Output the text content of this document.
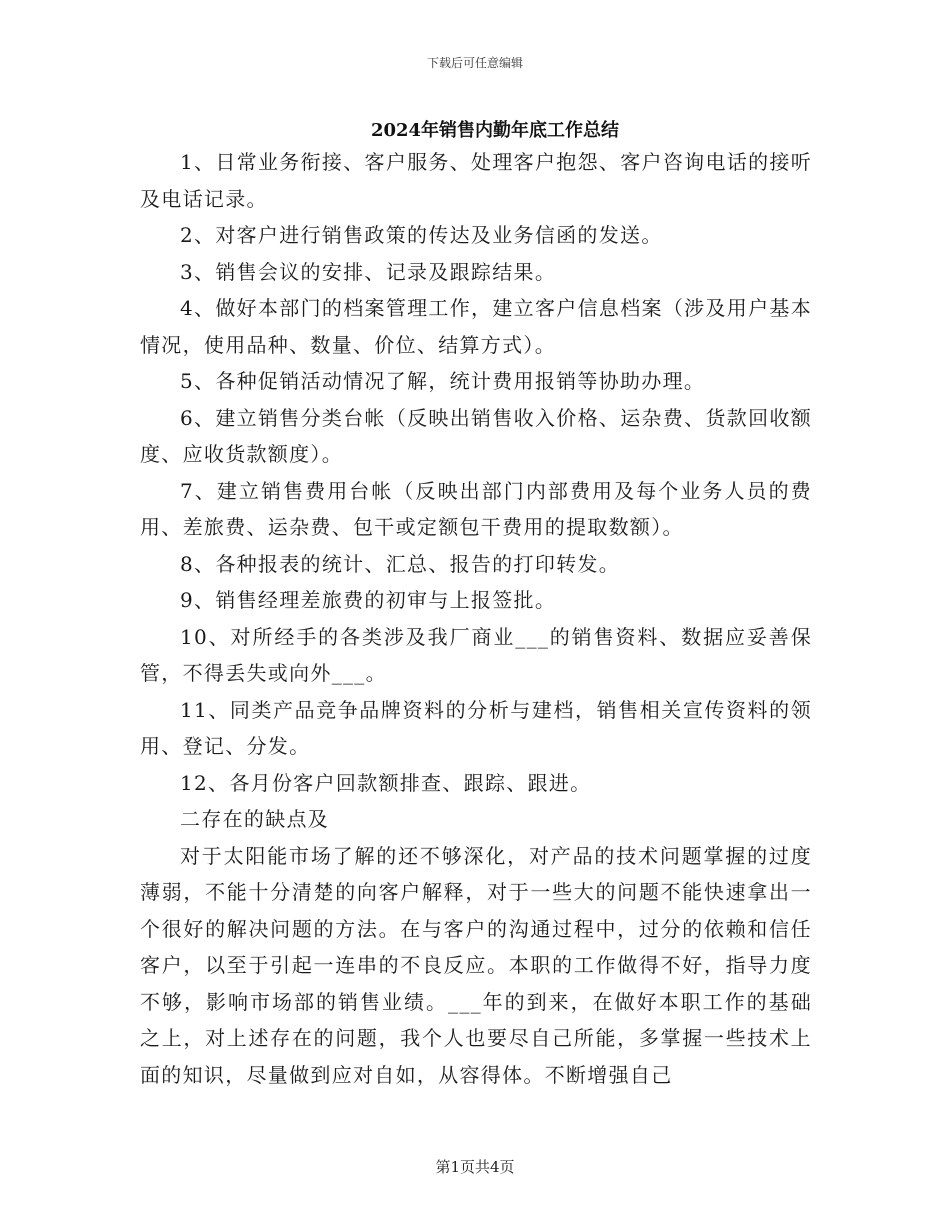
下载后可任意编辑
2024年销售内勤年底工作总结

1、日常业务衔接、客户服务、处理客户抱怨、客户咨询电话的接听及电话记录。

2、对客户进行销售政策的传达及业务信函的发送。

3、销售会议的安排、记录及跟踪结果。

4、做好本部门的档案管理工作，建立客户信息档案（涉及用户基本情况，使用品种、数量、价位、结算方式）。

5、各种促销活动情况了解，统计费用报销等协助办理。

6、建立销售分类台帐（反映出销售收入价格、运杂费、货款回收额度、应收货款额度）。

7、建立销售费用台帐（反映出部门内部费用及每个业务人员的费用、差旅费、运杂费、包干或定额包干费用的提取数额）。

8、各种报表的统计、汇总、报告的打印转发。

9、销售经理差旅费的初审与上报签批。

10、对所经手的各类涉及我厂商业___的销售资料、数据应妥善保管，不得丢失或向外___。

11、同类产品竞争品牌资料的分析与建档，销售相关宣传资料的领用、登记、分发。

12、各月份客户回款额排查、跟踪、跟进。

二存在的缺点及

对于太阳能市场了解的还不够深化，对产品的技术问题掌握的过度薄弱，不能十分清楚的向客户解释，对于一些大的问题不能快速拿出一个很好的解决问题的方法。在与客户的沟通过程中，过分的依赖和信任客户，以至于引起一连串的不良反应。本职的工作做得不好，指导力度不够，影响市场部的销售业绩。___年的到来，在做好本职工作的基础之上，对上述存在的问题，我个人也要尽自己所能，多掌握一些技术上面的知识，尽量做到应对自如，从容得体。不断增强自己

第1页共4页
